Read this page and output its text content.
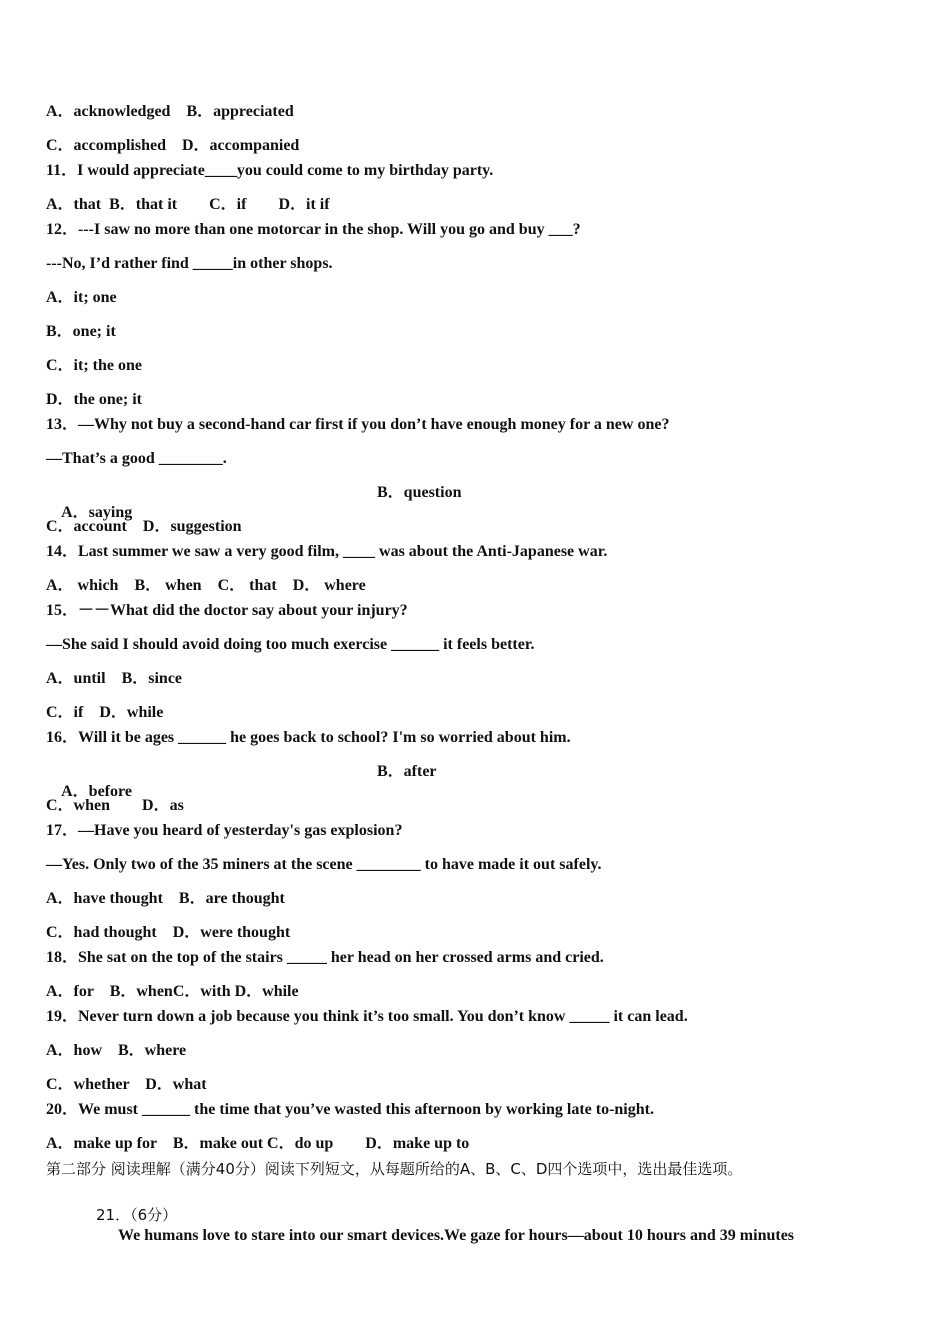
A．acknowledged　B．appreciated
C．accomplished　D．accompanied
11．I would appreciate____you could come to my birthday party.
A．that  B．that it　　C．if　　D．it if
12．---I saw no more than one motorcar in the shop. Will you go and buy ___?
---No, I’d rather find _____in other shops.
A．it; one
B．one; it
C．it; the one
D．the one; it
13．—Why not buy a second-hand car first if you don’t have enough money for a new one?
—That’s a good ________.

A．saying

B．question
C．account　D．suggestion
14．Last summer we saw a very good film, ____ was about the Anti-Japanese war.
A． which　B． when　C． that　D． where
15．－－What did the doctor say about your injury?
—She said I should avoid doing too much exercise ______ it feels better.
A．until　B．since
C．if　D．while
16．Will it be ages ______ he goes back to school? I'm so worried about him.

A．before

B．after
C．when　　D．as
17．—Have you heard of yesterday's gas explosion?
—Yes. Only two of the 35 miners at the scene ________ to have made it out safely.
A．have thought　B．are thought
C．had thought　D．were thought
18．She sat on the top of the stairs _____ her head on her crossed arms and cried.
A．for　B．whenC．with D．while
19．Never turn down a job because you think it’s too small. You don’t know _____ it can lead.
A．how　B．where
C．whether　D．what
20．We must ______ the time that you’ve wasted this afternoon by working late to-night.
A．make up for　B．make out C．do up　　D．make up to
第二部分 阅读理解（满分40分）阅读下列短文，从每题所给的A、B、C、D四个选项中，选出最佳选项。

21．（6分）
We humans love to stare into our smart devices.We gaze for hours—about 10 hours and 39 minutes
